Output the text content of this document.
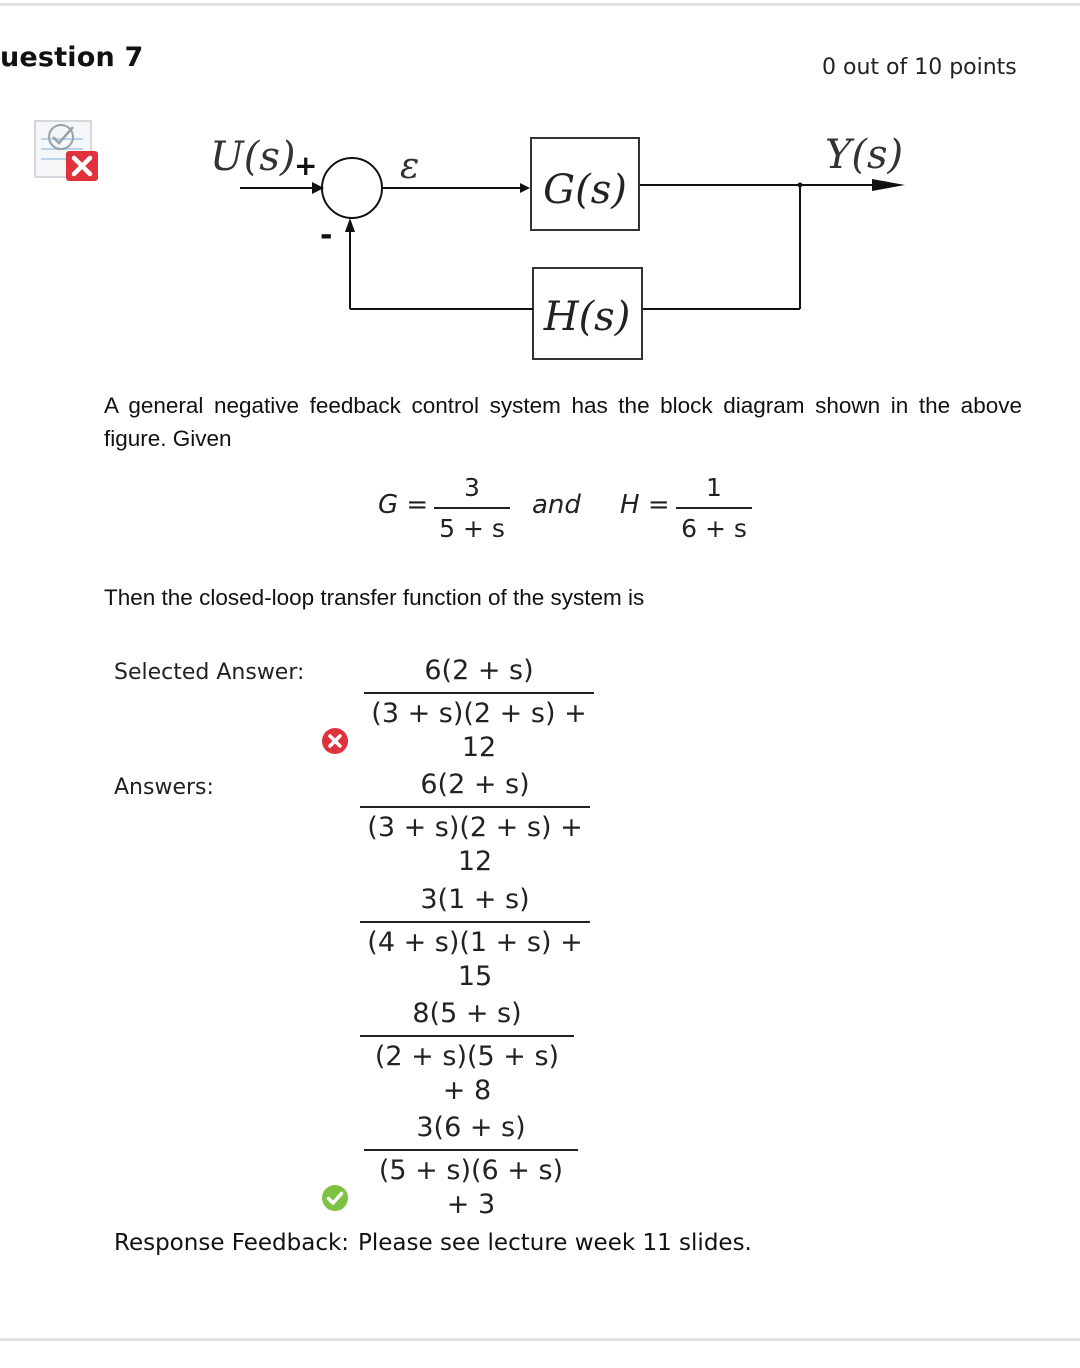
uestion 7	0 out of 10 points
U(s)
+ ε
G(s)
Y(s)
H(s)
-
A general negative feedback control system has the block diagram shown in the above figure. Given
G =
3
5 + s
and H =
1
6 + s
Then the closed-loop transfer function of the system is
Selected Answer:	6(2 + s)
(3 + s)(2 + s) + 12
Answers:	6(2 + s)
(3 + s)(2 + s) + 12
3(1 + s)
(4 + s)(1 + s) + 15
8(5 + s)
(2 + s)(5 + s) + 8
3(6 + s)
(5 + s)(6 + s) + 3
Response Feedback: Please see lecture week 11 slides.
